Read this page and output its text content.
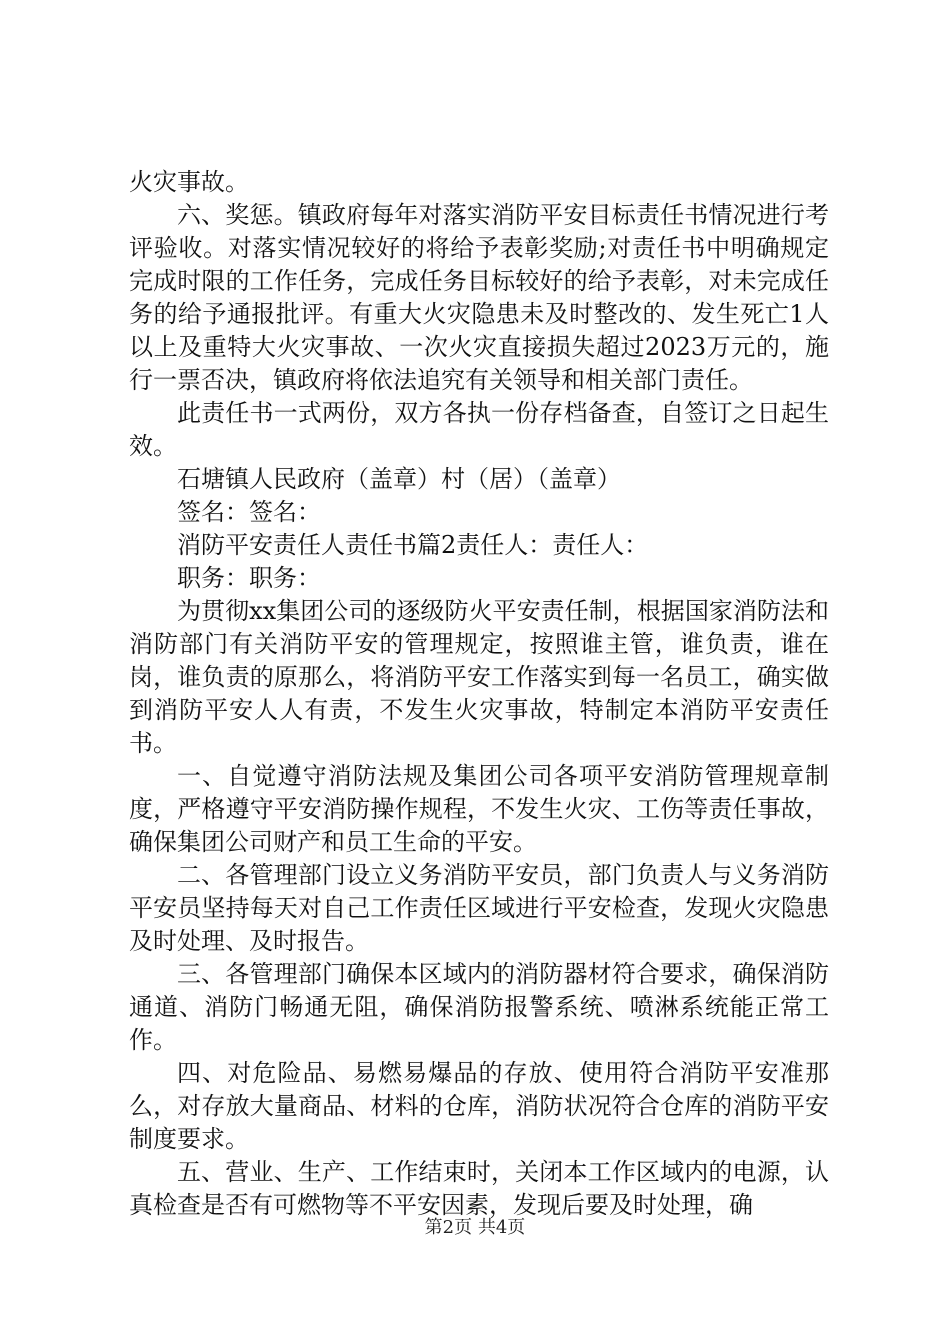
火灾事故。

六、奖惩。镇政府每年对落实消防平安目标责任书情况进行考评验收。对落实情况较好的将给予表彰奖励;对责任书中明确规定完成时限的工作任务，完成任务目标较好的给予表彰，对未完成任务的给予通报批评。有重大火灾隐患未及时整改的、发生死亡1人以上及重特大火灾事故、一次火灾直接损失超过2023万元的，施行一票否决，镇政府将依法追究有关领导和相关部门责任。

此责任书一式两份，双方各执一份存档备查，自签订之日起生效。

石塘镇人民政府（盖章）村（居）（盖章）

签名：签名：

消防平安责任人责任书篇2责任人：责任人：

职务：职务：

为贯彻xx集团公司的逐级防火平安责任制，根据国家消防法和消防部门有关消防平安的管理规定，按照谁主管，谁负责，谁在岗，谁负责的原那么，将消防平安工作落实到每一名员工，确实做到消防平安人人有责，不发生火灾事故，特制定本消防平安责任书。

一、自觉遵守消防法规及集团公司各项平安消防管理规章制度，严格遵守平安消防操作规程，不发生火灾、工伤等责任事故，确保集团公司财产和员工生命的平安。

二、各管理部门设立义务消防平安员，部门负责人与义务消防平安员坚持每天对自己工作责任区域进行平安检查，发现火灾隐患及时处理、及时报告。

三、各管理部门确保本区域内的消防器材符合要求，确保消防通道、消防门畅通无阻，确保消防报警系统、喷淋系统能正常工作。

四、对危险品、易燃易爆品的存放、使用符合消防平安准那么，对存放大量商品、材料的仓库，消防状况符合仓库的消防平安制度要求。

五、营业、生产、工作结束时，关闭本工作区域内的电源，认真检查是否有可燃物等不平安因素，发现后要及时处理，确

第2页 共4页
